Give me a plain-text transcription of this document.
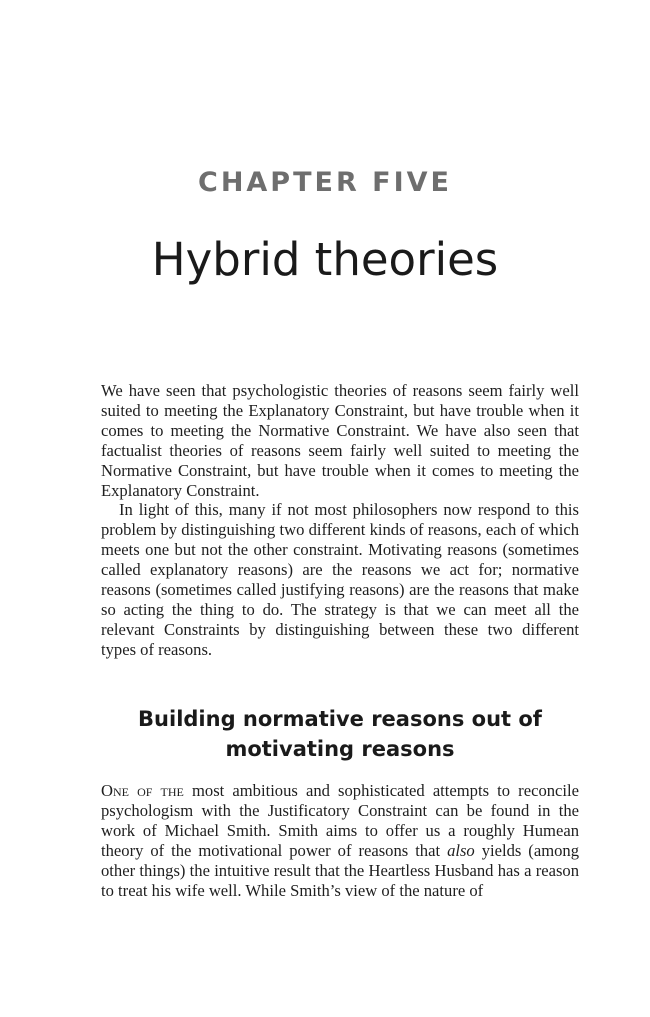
CHAPTER FIVE
Hybrid theories

We have seen that psychologistic theories of reasons seem fairly well suited to meeting the Explanatory Constraint, but have trouble when it comes to meeting the Normative Constraint. We have also seen that factualist theories of reasons seem fairly well suited to meeting the Normative Constraint, but have trouble when it comes to meeting the Explanatory Constraint.

In light of this, many if not most philosophers now respond to this problem by distinguishing two different kinds of reasons, each of which meets one but not the other constraint. Motivating reasons (sometimes called explanatory reasons) are the reasons we act for; normative reasons (sometimes called justifying reasons) are the reasons that make so acting the thing to do. The strategy is that we can meet all the relevant Constraints by distinguishing between these two different types of reasons.

Building normative reasons out of
motivating reasons

One of the most ambitious and sophisticated attempts to reconcile psychologism with the Justificatory Constraint can be found in the work of Michael Smith. Smith aims to offer us a roughly Humean theory of the motivational power of reasons that also yields (among other things) the intuitive result that the Heartless Husband has a reason to treat his wife well. While Smith’s view of the nature of
